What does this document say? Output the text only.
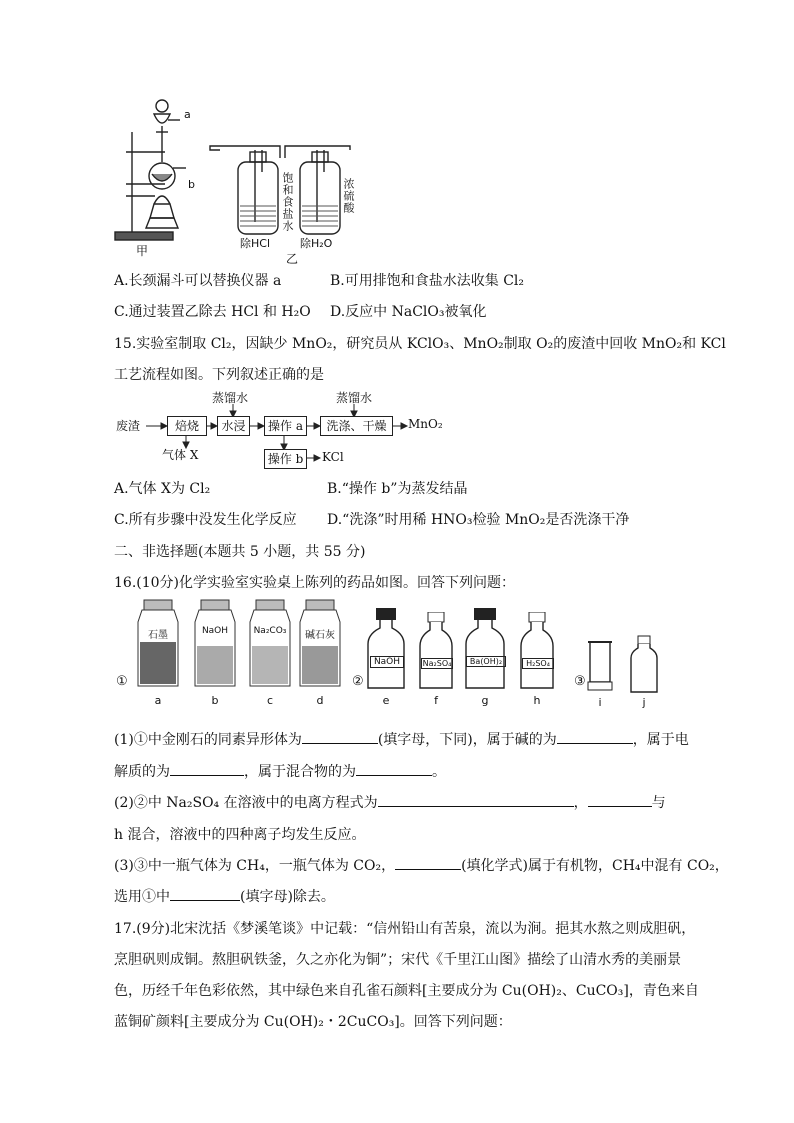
a
b
甲
饱和食盐水	浓硫酸
除HCl	除H₂O
乙
A.长颈漏斗可以替换仪器 a	B.可用排饱和食盐水法收集 Cl₂
C.通过装置乙除去 HCl 和 H₂O D.反应中 NaClO₃被氧化
15.实验室制取 Cl₂，因缺少 MnO₂，研究员从 KClO₃、MnO₂制取 O₂的废渣中回收 MnO₂和 KCl
工艺流程如图。下列叙述正确的是
废渣	焙烧	水浸	操作 a	洗涤、干燥	MnO₂
操作 b	KCl
气体 X
蒸馏水	蒸馏水
A.气体 X为 Cl₂	B.“操作 b”为蒸发结晶
C.所有步骤中没发生化学反应 D.“洗涤”时用稀 HNO₃检验 MnO₂是否洗涤干净
二、非选择题(本题共 5 小题，共 55 分)
16.(10分)化学实验室实验桌上陈列的药品如图。回答下列问题：
①	②	③
石墨
a
NaOH
b
Na₂CO₃
c
碱石灰
d
NaOH
e
Na₂SO₄
f
Ba(OH)₂
g
H₂SO₄
h	i	j
(1)①中金刚石的同素异形体为	(填字母，下同)，属于碱的为	，属于电
解质的为	，属于混合物的为	。
(2)②中 Na₂SO₄ 在溶液中的电离方程式为	，	与
h 混合，溶液中的四种离子均发生反应。
(3)③中一瓶气体为 CH₄，一瓶气体为 CO₂，	(填化学式)属于有机物，CH₄中混有 CO₂，
选用①中	(填字母)除去。
17.(9分)北宋沈括《梦溪笔谈》中记载：“信州铅山有苦泉，流以为涧。挹其水熬之则成胆矾，
烹胆矾则成铜。熬胆矾铁釜，久之亦化为铜”；宋代《千里江山图》描绘了山清水秀的美丽景
色，历经千年色彩依然，其中绿色来自孔雀石颜料[主要成分为 Cu(OH)₂、CuCO₃]，青色来自
蓝铜矿颜料[主要成分为 Cu(OH)₂・2CuCO₃]。回答下列问题：
